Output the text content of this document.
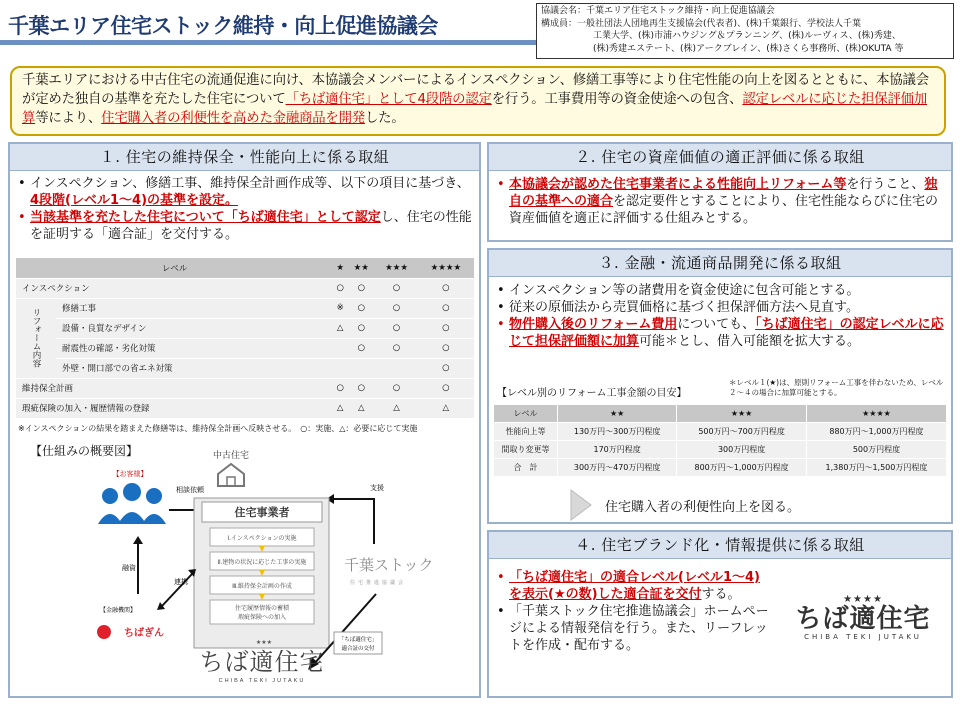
千葉エリア住宅ストック維持・向上促進協議会
協議会名：千葉エリア住宅ストック維持・向上促進協議会
構成員：一般社団法人団地再生支援協会(代表者)、(株)千葉銀行、学校法人千葉
工業大学、(株)市浦ハウジング＆プランニング、(株)ルーヴィス、(株)秀建、
(株)秀建エステート、(株)アークブレイン、(株)さくら事務所、(株)OKUTA 等
千葉エリアにおける中古住宅の流通促進に向け、本協議会メンバーによるインスペクション、修繕工事等により住宅性能の向上を図るとともに、本協議会が定めた独自の基準を充たした住宅について「ちば適住宅」として4段階の認定を行う。工事費用等の資金使途への包含、認定レベルに応じた担保評価加算等により、住宅購入者の利便性を高めた金融商品を開発した。
１. 住宅の維持保全・性能向上に係る取組
• インスペクション、修繕工事、維持保全計画作成等、以下の項目に基づき、4段階(レベル1～4)の基準を設定。
• 当該基準を充たした住宅について「ちば適住宅」として認定し、住宅の性能を証明する「適合証」を交付する。
レベル		★	★★	★★★	★★★★
インスペクション		○	○	○	○
リフォーム内容	修繕工事	※	○	○	○
	設備・良質なデザイン	△	○	○	○
	耐震性の確認・劣化対策		○	○	○
	外壁・開口部での省エネ対策				○
維持保全計画		○	○	○	○
瑕疵保険の加入・履歴情報の登録		△	△	△	△
※インスペクションの結果を踏まえた修繕等は、維持保全計画へ反映させる。　○：実施、△：必要に応じて実施
【仕組みの概要図】	中古住宅
【お客様】
相談依頼	支援
住宅事業者
Ⅰ.インスペクションの実施
Ⅱ.建物の状況に応じた工事の実施
Ⅲ.維持保全計画の作成
住宅履歴情報の蓄積
瑕疵保険への加入
融資
連携
【金融機関】
ちばぎん
千葉ストック
住宅推進協議会
「ちば適住宅」
適合証の交付
★★★
ちば適住宅
CHIBA TEKI JUTAKU
２. 住宅の資産価値の適正評価に係る取組
• 本協議会が認めた住宅事業者による性能向上リフォーム等を行うこと、独自の基準への適合を認定要件とすることにより、住宅性能ならびに住宅の資産価値を適正に評価する仕組みとする。
３. 金融・流通商品開発に係る取組
• インスペクション等の諸費用を資金使途に包含可能とする。
• 従来の原価法から売買価格に基づく担保評価方法へ見直す。
• 物件購入後のリフォーム費用についても、「ちば適住宅」の認定レベルに応じて担保評価額に加算可能＊とし、借入可能額を拡大する。
【レベル別のリフォーム工事金額の目安】
＊レベル１(★)は、原則リフォーム工事を伴わないため、レベル２～４の場合に加算可能とする。
レベル	★★	★★★	★★★★
性能向上等	130万円～300万円程度	500万円～700万円程度	880万円～1,000万円程度
間取り変更等	170万円程度	300万円程度	500万円程度
合　計	300万円～470万円程度	800万円～1,000万円程度	1,380万円～1,500万円程度
住宅購入者の利便性向上を図る。
４. 住宅ブランド化・情報提供に係る取組
• 「ちば適住宅」の適合レベル(レベル1～4)を表示(★の数)した適合証を交付する。
• 「千葉ストック住宅推進協議会」ホームページによる情報発信を行う。また、リーフレットを作成・配布する。
★★★★
ちば適住宅
CHIBA TEKI JUTAKU
